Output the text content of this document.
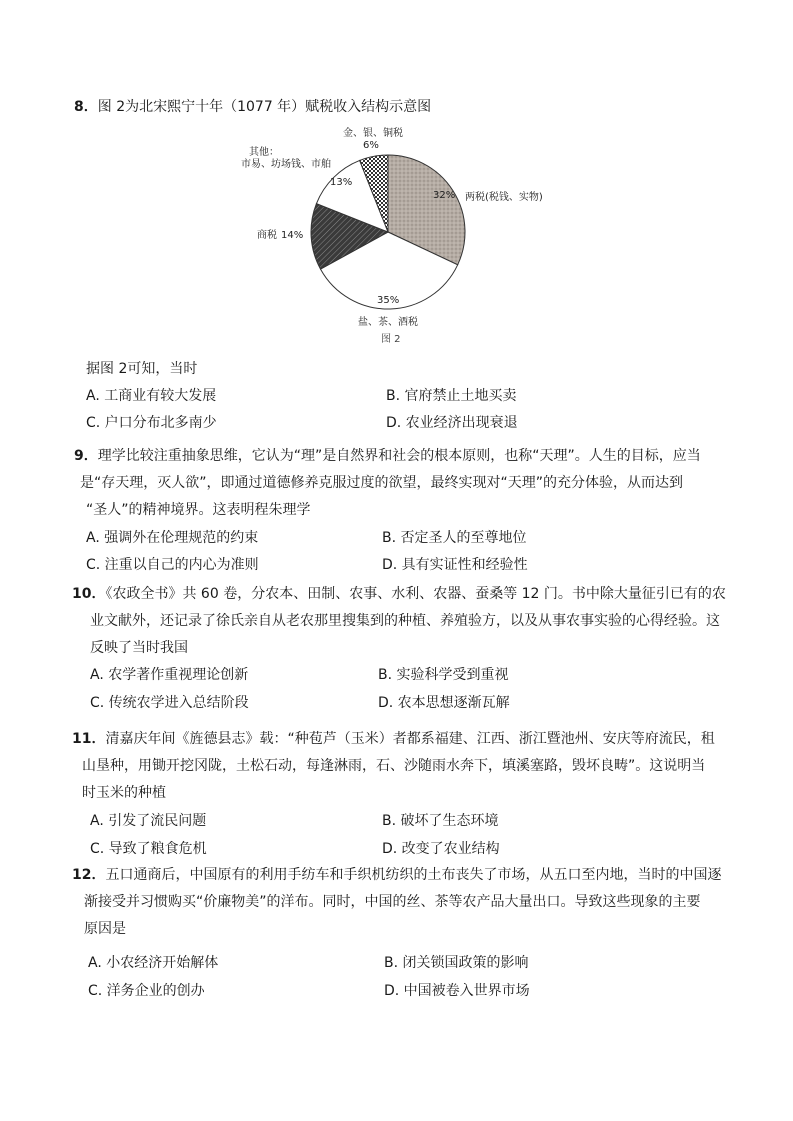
8．图 2为北宋熙宁十年（1077 年）赋税收入结构示意图
金、银、铜税
6%
其他：
市易、坊场钱、市舶
13%
32% 两税(税钱、实物)
商税 14%
35%
盐、茶、酒税
图 2
据图 2可知，当时
A. 工商业有较大发展	B. 官府禁止土地买卖
C. 户口分布北多南少	D. 农业经济出现衰退
9．理学比较注重抽象思维，它认为“理”是自然界和社会的根本原则，也称“天理”。人生的目标，应当
是“存天理，灭人欲”，即通过道德修养克服过度的欲望，最终实现对“天理”的充分体验，从而达到
“圣人”的精神境界。这表明程朱理学
A. 强调外在伦理规范的约束	B. 否定圣人的至尊地位
C. 注重以自己的内心为准则	D. 具有实证性和经验性
10．《农政全书》共 60 卷，分农本、田制、农事、水利、农器、蚕桑等 12 门。书中除大量征引已有的农
业文献外，还记录了徐氏亲自从老农那里搜集到的种植、养殖验方，以及从事农事实验的心得经验。这
反映了当时我国
A. 农学著作重视理论创新	B. 实验科学受到重视
C. 传统农学进入总结阶段	D. 农本思想逐渐瓦解
11．清嘉庆年间《旌德县志》载：“种苞芦（玉米）者都系福建、江西、浙江暨池州、安庆等府流民，租
山垦种，用锄开挖冈陇，土松石动，每逢淋雨，石、沙随雨水奔下，填溪塞路，毁坏良畴”。这说明当
时玉米的种植
A. 引发了流民问题	B. 破坏了生态环境
C. 导致了粮食危机	D. 改变了农业结构
12．五口通商后，中国原有的利用手纺车和手织机纺织的土布丧失了市场，从五口至内地，当时的中国逐
渐接受并习惯购买“价廉物美”的洋布。同时，中国的丝、茶等农产品大量出口。导致这些现象的主要
原因是
A. 小农经济开始解体	B. 闭关锁国政策的影响
C. 洋务企业的创办	D. 中国被卷入世界市场
